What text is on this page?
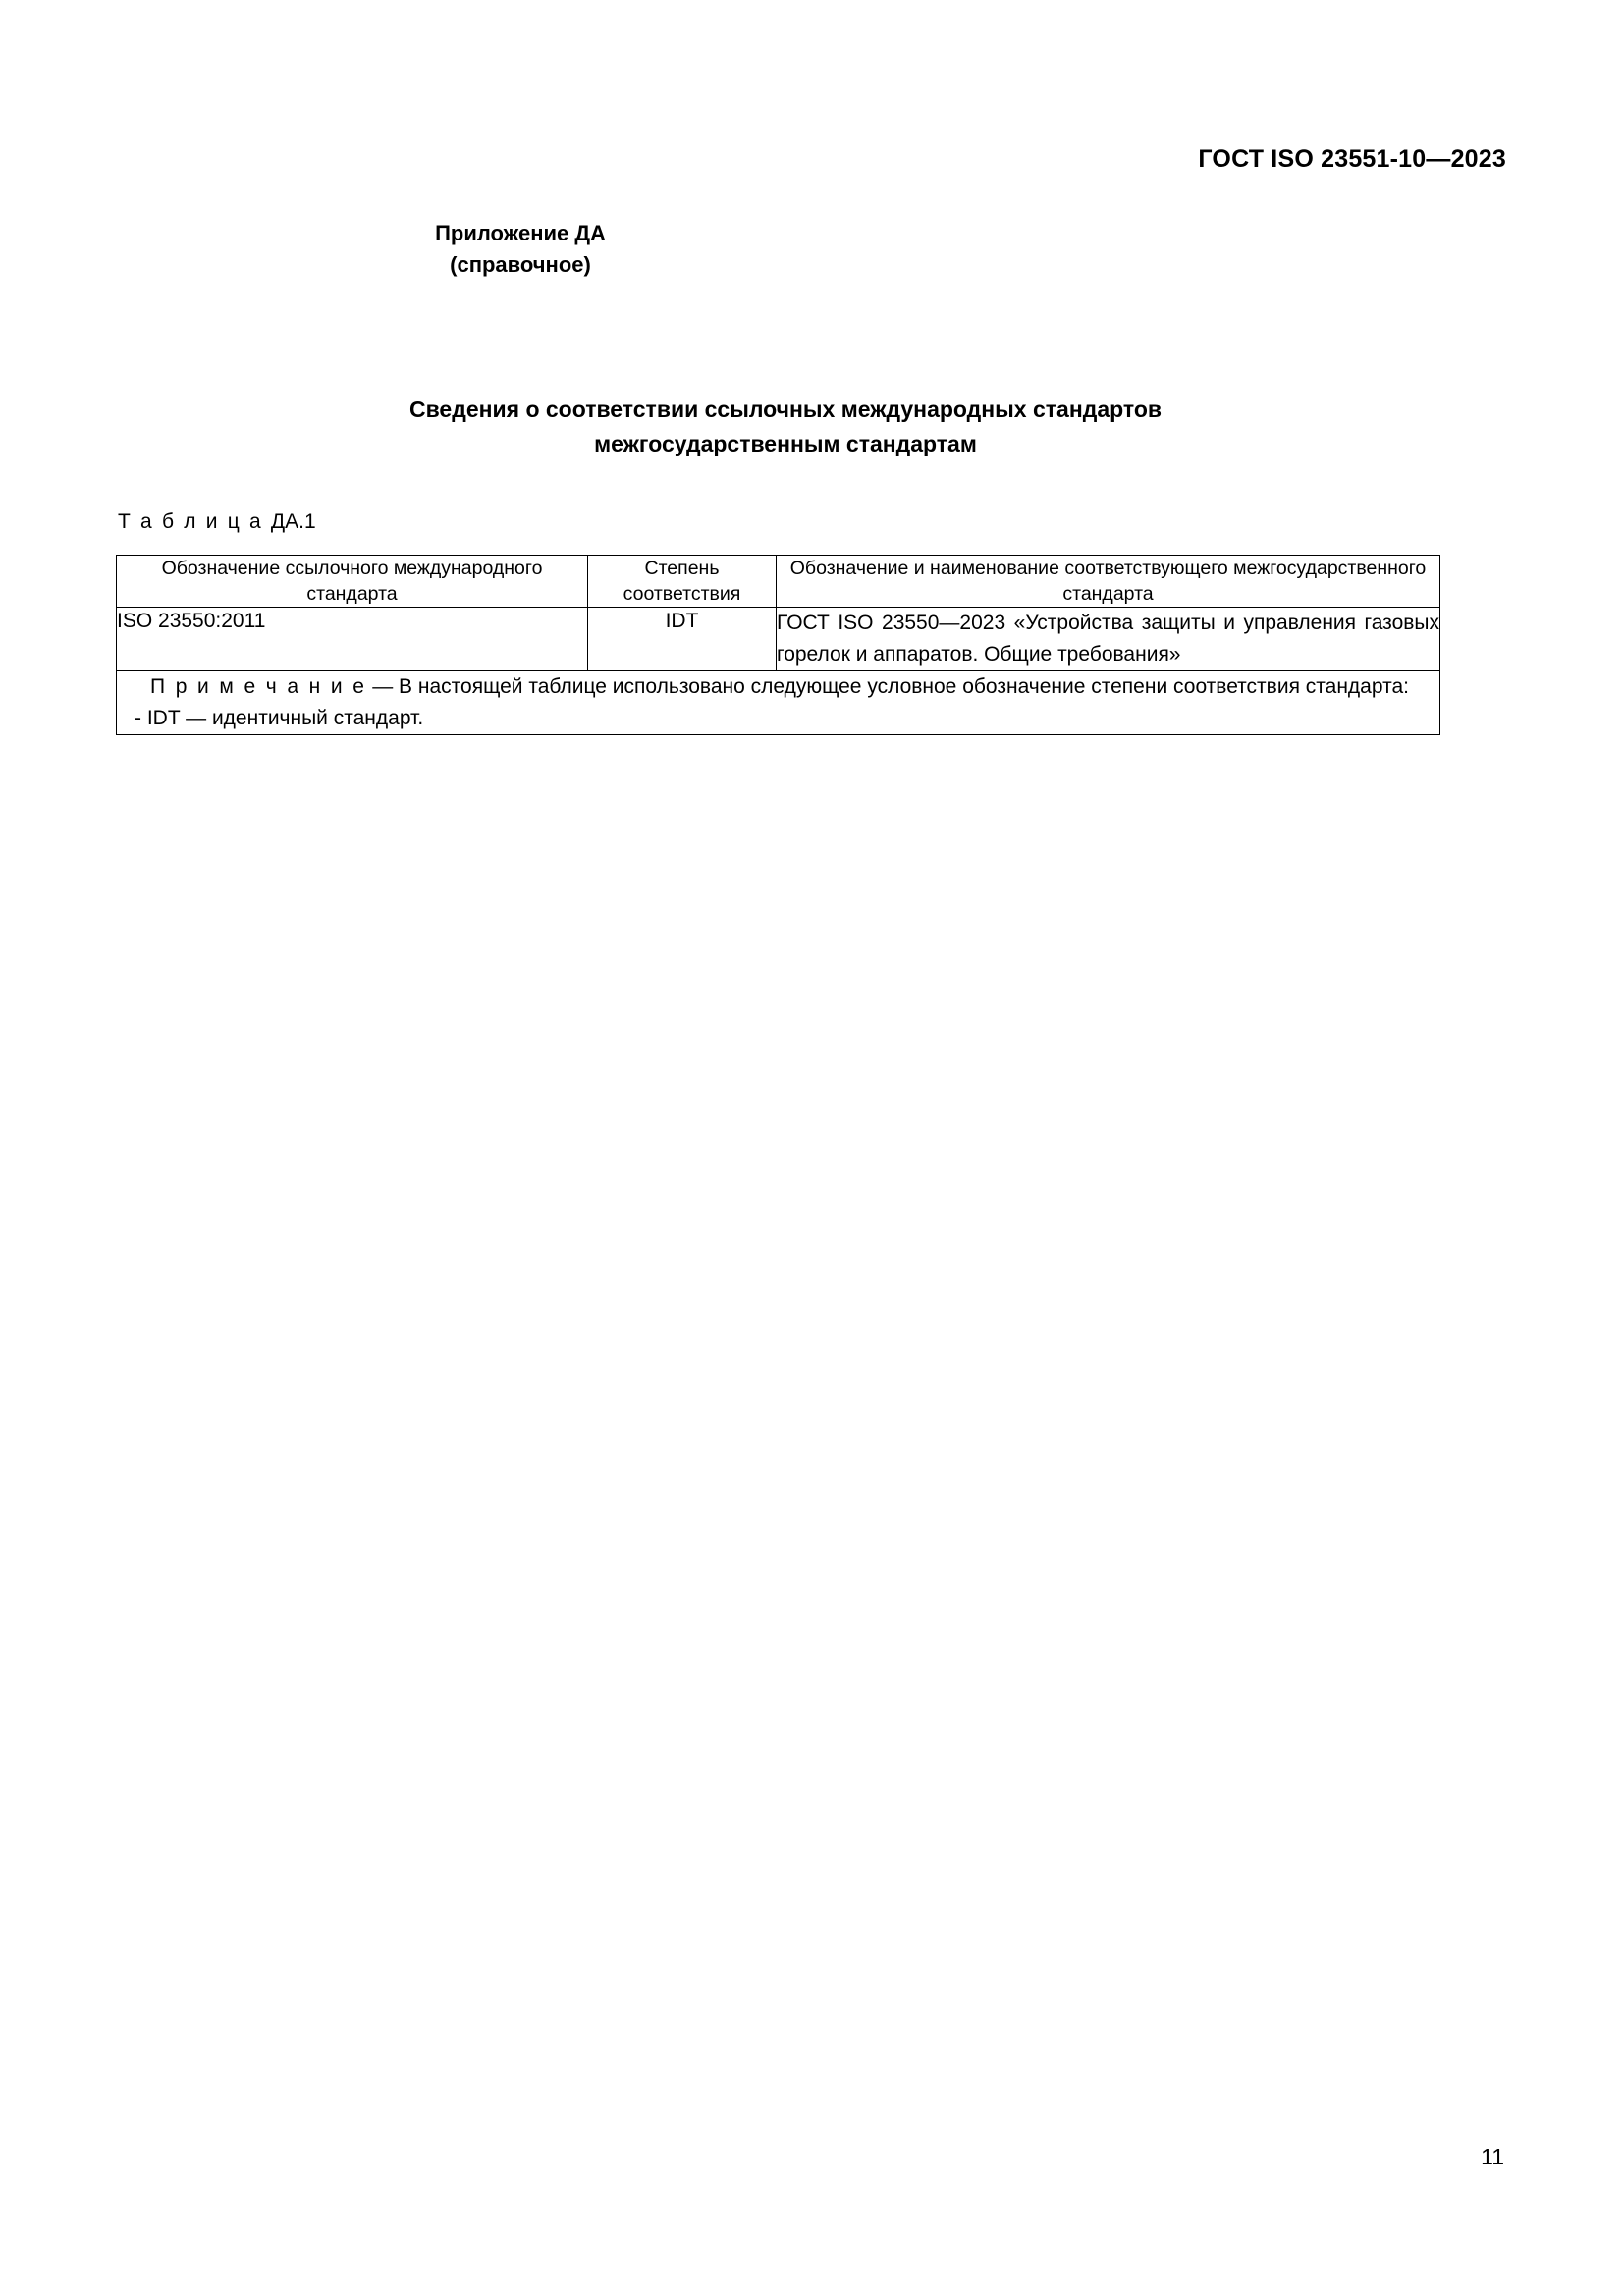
ГОСТ ISO 23551-10—2023
Приложение ДА
(справочное)
Сведения о соответствии ссылочных международных стандартов
межгосударственным стандартам
Т а б л и ц а ДА.1
Обозначение ссылочного международного стандарта	Степень соответствия	Обозначение и наименование соответствующего межгосударственного стандарта
ISO 23550:2011	IDT	ГОСТ ISO 23550—2023 «Устройства защиты и управления газовых горелок и аппаратов. Общие требования»

П р и м е ч а н и е — В настоящей таблице использовано следующее условное обозначение степени соответствия стандарта:
- IDT — идентичный стандарт.		
11
